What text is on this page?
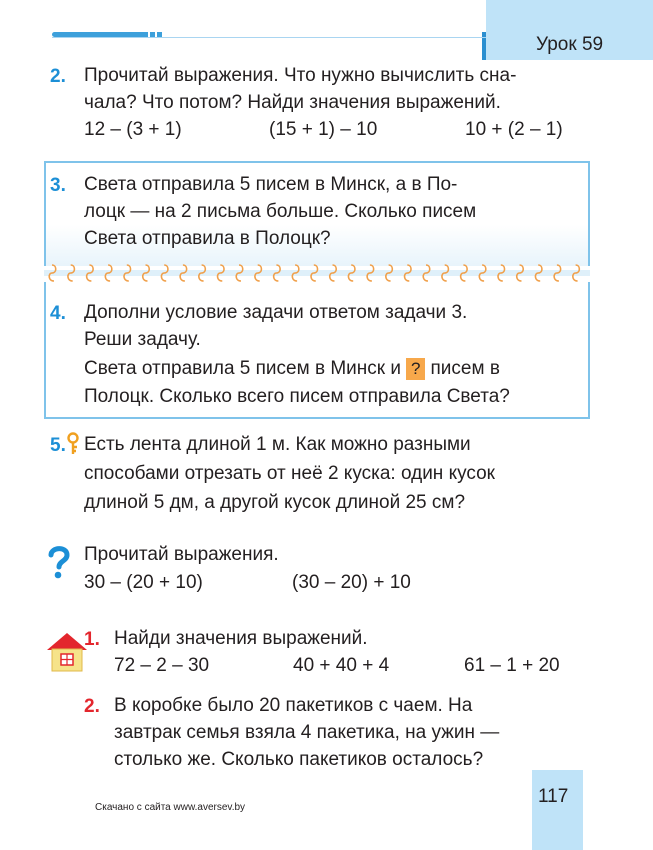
Урок 59
2. Прочитай выражения. Что нужно вычислить сна-
чала? Что потом? Найди значения выражений.
12 – (3 + 1)	(15 + 1) – 10	10 + (2 – 1)
3. Света отправила 5 писем в Минск, а в По-
лоцк — на 2 письма больше. Сколько писем
Света отправила в Полоцк?
4. Дополни условие задачи ответом задачи 3.
Реши задачу.
Света отправила 5 писем в Минск и ? писем в
Полоцк. Сколько всего писем отправила Света?
5. Есть лента длиной 1 м. Как можно разными
способами отрезать от неё 2 куска: один кусок
длиной 5 дм, а другой кусок длиной 25 см?
Прочитай выражения.
30 – (20 + 10)	(30 – 20) + 10
1. Найди значения выражений.
72 – 2 – 30	40 + 40 + 4	61 – 1 + 20
2. В коробке было 20 пакетиков с чаем. На
завтрак семья взяла 4 пакетика, на ужин —
столько же. Сколько пакетиков осталось?
117
Скачано с сайта www.aversev.by
